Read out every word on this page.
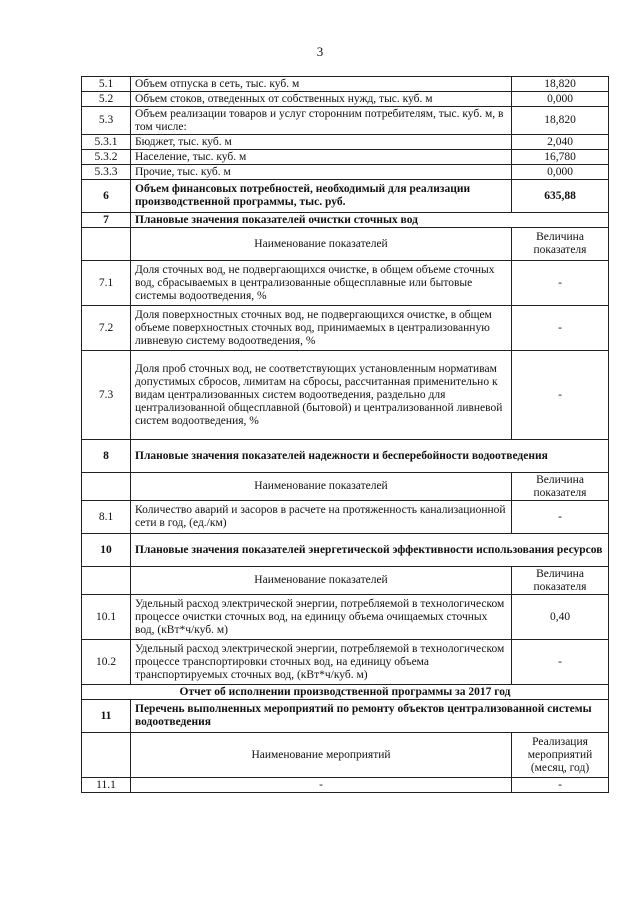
3
5.1	Объем отпуска в сеть, тыс. куб. м	18,820
5.2	Объем стоков, отведенных от собственных нужд, тыс. куб. м	0,000
5.3	Объем реализации товаров и услуг сторонним потребителям, тыс. куб. м, в том числе:	18,820
5.3.1	Бюджет, тыс. куб. м	2,040
5.3.2	Население, тыс. куб. м	16,780
5.3.3	Прочие, тыс. куб. м	0,000
6	Объем финансовых потребностей, необходимый для реализации производственной программы, тыс. руб.	635,88
7	Плановые значения показателей очистки сточных вод	
	Наименование показателей	Величина показателя
7.1	Доля сточных вод, не подвергающихся очистке, в общем объеме сточных вод, сбрасываемых в централизованные общесплавные или бытовые системы водоотведения, %	-
7.2	Доля поверхностных сточных вод, не подвергающихся очистке, в общем объеме поверхностных сточных вод, принимаемых в централизованную ливневую систему водоотведения, %	-
7.3	Доля проб сточных вод, не соответствующих установленным нормативам допустимых сбросов, лимитам на сбросы, рассчитанная применительно к видам централизованных систем водоотведения, раздельно для централизованной общесплавной (бытовой) и централизованной ливневой систем водоотведения, %	-
8	Плановые значения показателей надежности и бесперебойности водоотведения	
	Наименование показателей	Величина показателя
8.1	Количество аварий и засоров в расчете на протяженность канализационной сети в год, (ед./км)	-
10	Плановые значения показателей энергетической эффективности использования ресурсов	
	Наименование показателей	Величина показателя
10.1	Удельный расход электрической энергии, потребляемой в технологическом процессе очистки сточных вод, на единицу объема очищаемых сточных вод, (кВт*ч/куб. м)	0,40
10.2	Удельный расход электрической энергии, потребляемой в технологическом процессе транспортировки сточных вод, на единицу объема транспортируемых сточных вод, (кВт*ч/куб. м)	-
Отчет об исполнении производственной программы за 2017 год		
11	Перечень выполненных мероприятий по ремонту объектов централизованной системы водоотведения	
	Наименование мероприятий	Реализация мероприятий (месяц, год)
11.1	-	-
